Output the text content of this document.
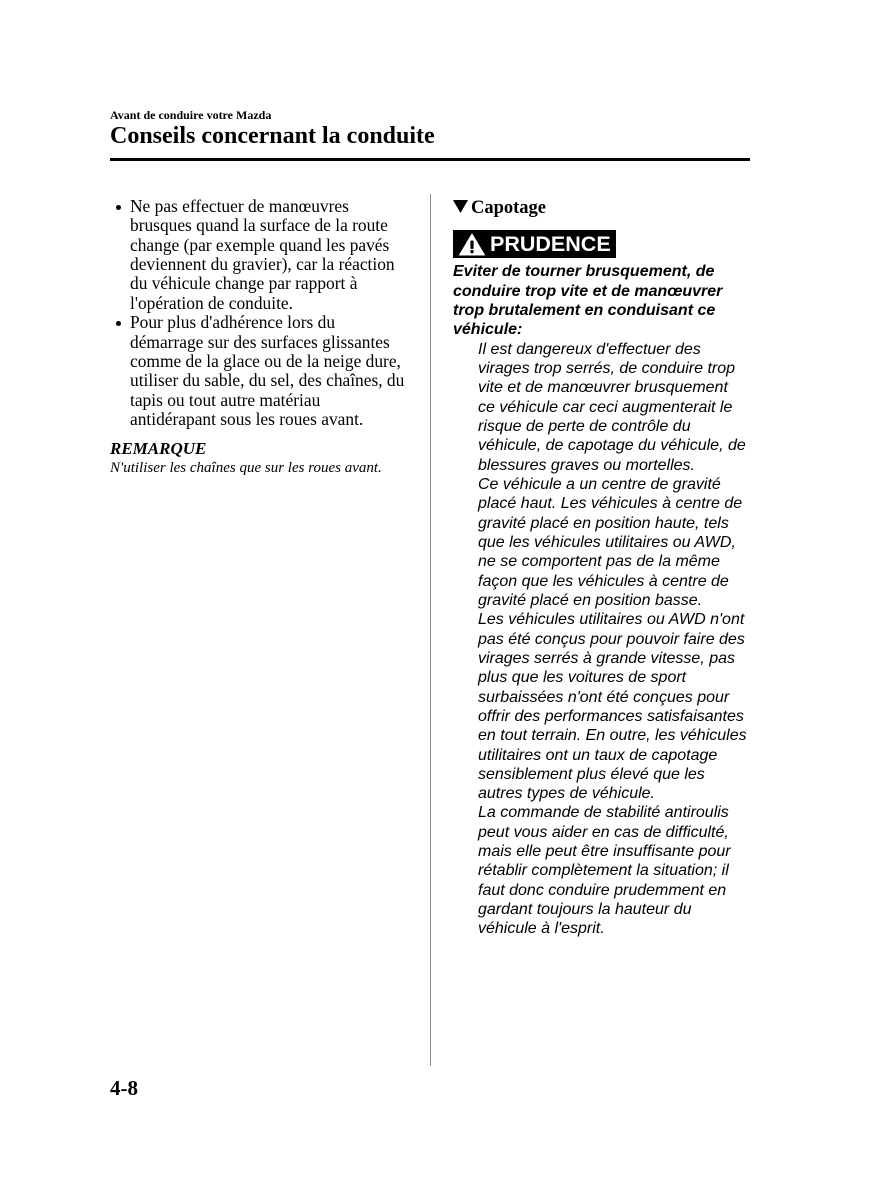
Avant de conduire votre Mazda
Conseils concernant la conduite
Ne pas effectuer de manœuvres
brusques quand la surface de la route
change (par exemple quand les pavés
deviennent du gravier), car la réaction
du véhicule change par rapport à
l'opération de conduite.
Pour plus d'adhérence lors du
démarrage sur des surfaces glissantes
comme de la glace ou de la neige dure,
utiliser du sable, du sel, des chaînes, du
tapis ou tout autre matériau
antidérapant sous les roues avant.
REMARQUE
N'utiliser les chaînes que sur les roues avant.
Capotage
PRUDENCE
Eviter de tourner brusquement, de
conduire trop vite et de manœuvrer
trop brutalement en conduisant ce
véhicule:

Il est dangereux d'effectuer des
virages trop serrés, de conduire trop
vite et de manœuvrer brusquement
ce véhicule car ceci augmenterait le
risque de perte de contrôle du
véhicule, de capotage du véhicule, de
blessures graves ou mortelles.

Ce véhicule a un centre de gravité
placé haut. Les véhicules à centre de
gravité placé en position haute, tels
que les véhicules utilitaires ou AWD,
ne se comportent pas de la même
façon que les véhicules à centre de
gravité placé en position basse.

Les véhicules utilitaires ou AWD n'ont
pas été conçus pour pouvoir faire des
virages serrés à grande vitesse, pas
plus que les voitures de sport
surbaissées n'ont été conçues pour
offrir des performances satisfaisantes
en tout terrain. En outre, les véhicules
utilitaires ont un taux de capotage
sensiblement plus élevé que les
autres types de véhicule.

La commande de stabilité antiroulis
peut vous aider en cas de difficulté,
mais elle peut être insuffisante pour
rétablir complètement la situation; il
faut donc conduire prudemment en
gardant toujours la hauteur du
véhicule à l'esprit.

4-8
